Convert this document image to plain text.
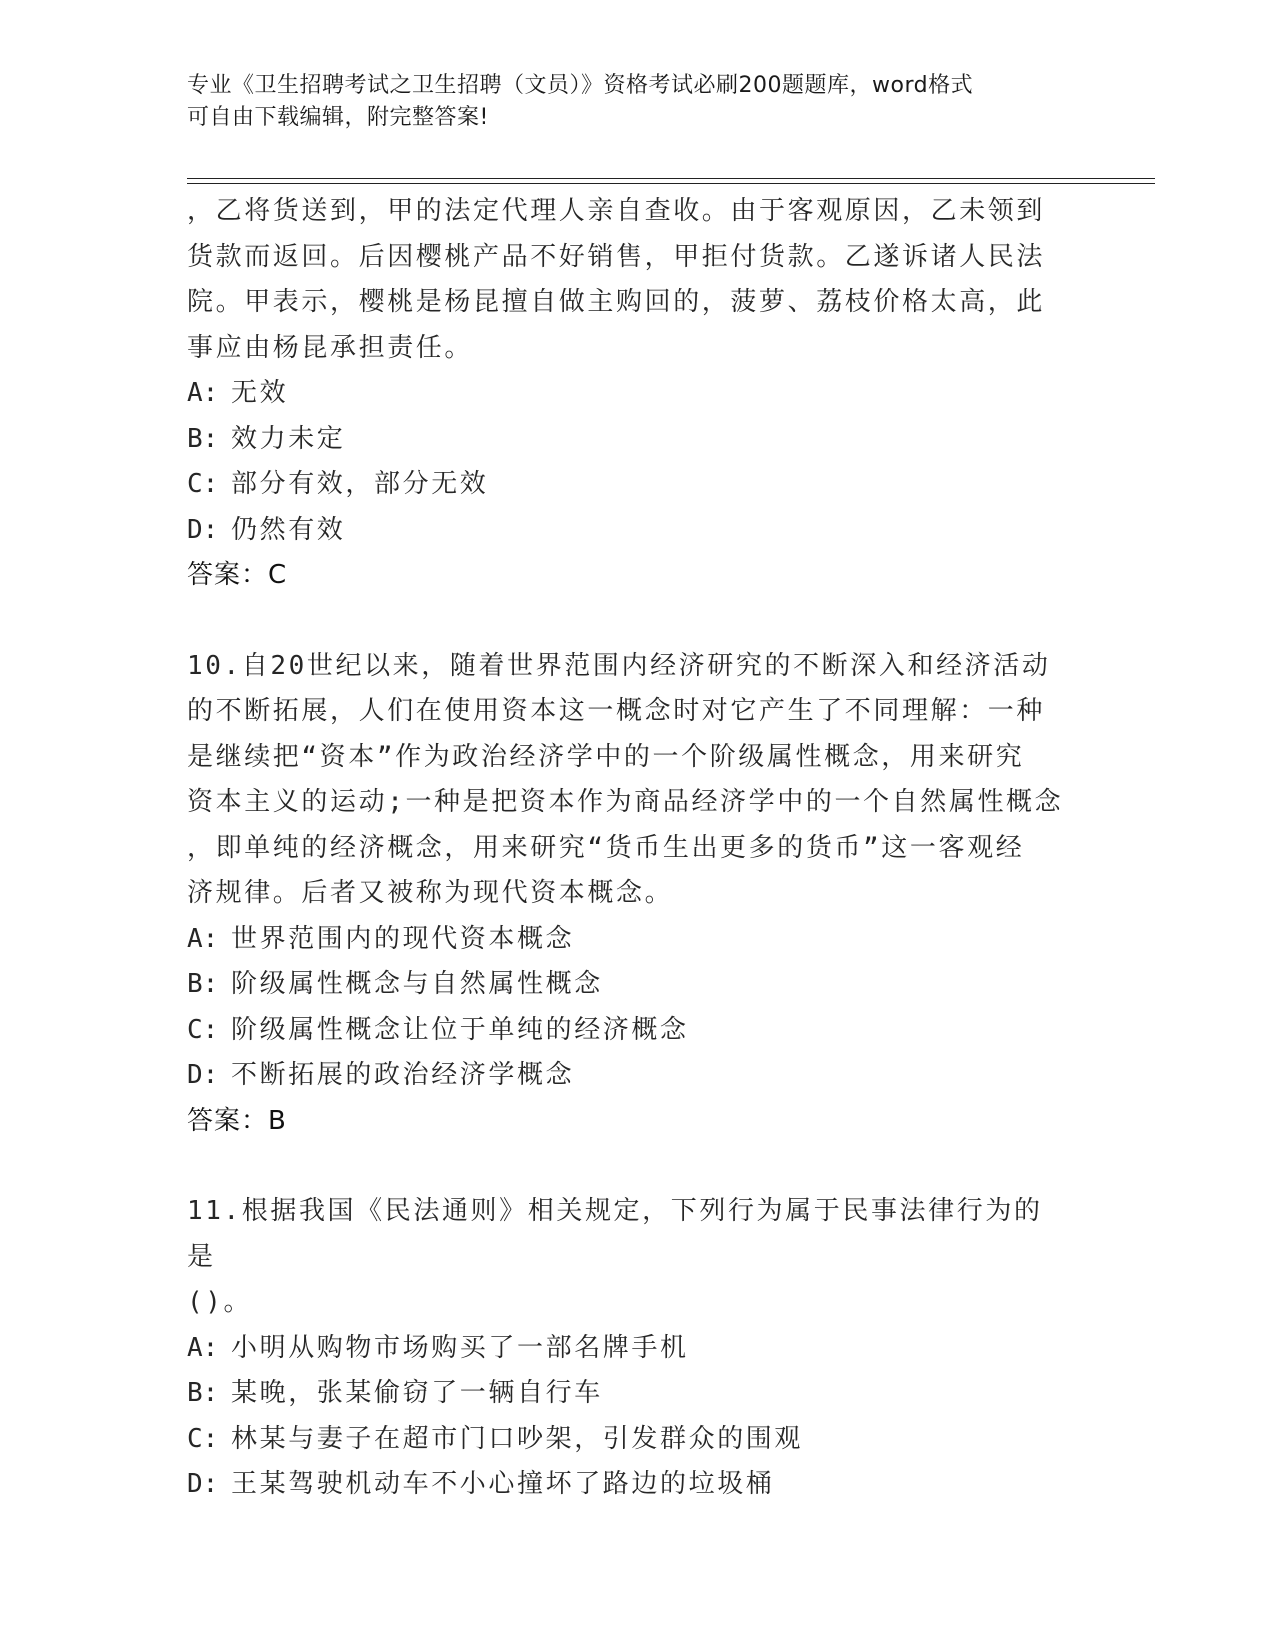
专业《卫生招聘考试之卫生招聘（文员）》资格考试必刷200题题库，word格式
可自由下载编辑，附完整答案!

，乙将货送到，甲的法定代理人亲自查收。由于客观原因，乙未领到

货款而返回。后因樱桃产品不好销售，甲拒付货款。乙遂诉诸人民法

院。甲表示，樱桃是杨昆擅自做主购回的，菠萝、荔枝价格太高，此

事应由杨昆承担责任。

A: 无效

B: 效力未定

C: 部分有效，部分无效

D: 仍然有效

答案：C

10.自20世纪以来，随着世界范围内经济研究的不断深入和经济活动

的不断拓展，人们在使用资本这一概念时对它产生了不同理解：一种

是继续把“资本”作为政治经济学中的一个阶级属性概念，用来研究

资本主义的运动;一种是把资本作为商品经济学中的一个自然属性概念

，即单纯的经济概念，用来研究“货币生出更多的货币”这一客观经

济规律。后者又被称为现代资本概念。

A: 世界范围内的现代资本概念

B: 阶级属性概念与自然属性概念

C: 阶级属性概念让位于单纯的经济概念

D: 不断拓展的政治经济学概念

答案：B

11.根据我国《民法通则》相关规定，下列行为属于民事法律行为的是

()。

A: 小明从购物市场购买了一部名牌手机

B: 某晚，张某偷窃了一辆自行车

C: 林某与妻子在超市门口吵架，引发群众的围观

D: 王某驾驶机动车不小心撞坏了路边的垃圾桶
